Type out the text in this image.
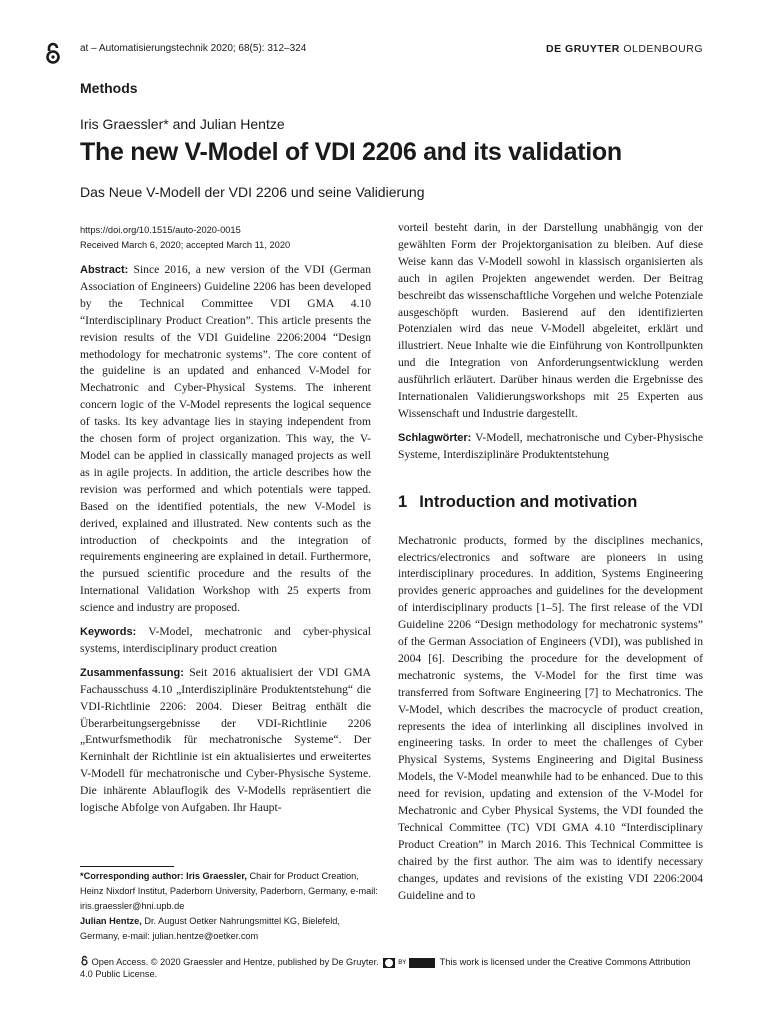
at – Automatisierungstechnik 2020; 68(5): 312–324	DE GRUYTER OLDENBOURG
Methods
Iris Graessler* and Julian Hentze
The new V-Model of VDI 2206 and its validation
Das Neue V-Modell der VDI 2206 und seine Validierung
https://doi.org/10.1515/auto-2020-0015
Received March 6, 2020; accepted March 11, 2020

Abstract: Since 2016, a new version of the VDI (German Association of Engineers) Guideline 2206 has been developed by the Technical Committee VDI GMA 4.10 “Interdisciplinary Product Creation”. This article presents the revision results of the VDI Guideline 2206:2004 “Design methodology for mechatronic systems”. The core content of the guideline is an updated and enhanced V-Model for Mechatronic and Cyber-Physical Systems. The inherent concern logic of the V-Model represents the logical sequence of tasks. Its key advantage lies in staying independent from the chosen form of project organization. This way, the V-Model can be applied in classically managed projects as well as in agile projects. In addition, the article describes how the revision was performed and which potentials were tapped. Based on the identified potentials, the new V-Model is derived, explained and illustrated. New contents such as the introduction of checkpoints and the integration of requirements engineering are explained in detail. Furthermore, the pursued scientific procedure and the results of the International Validation Workshop with 25 experts from science and industry are proposed.

Keywords: V-Model, mechatronic and cyber-physical systems, interdisciplinary product creation

Zusammenfassung: Seit 2016 aktualisiert der VDI GMA Fachausschuss 4.10 „Interdisziplinäre Produktentstehung“ die VDI-Richtlinie 2206: 2004. Dieser Beitrag enthält die Überarbeitungsergebnisse der VDI-Richtlinie 2206 „Entwurfsmethodik für mechatronische Systeme“. Der Kerninhalt der Richtlinie ist ein aktualisiertes und erweitertes V-Modell für mechatronische und Cyber-Physische Systeme. Die inhärente Ablauflogik des V-Modells repräsentiert die logische Abfolge von Aufgaben. Ihr Haupt-

vorteil besteht darin, in der Darstellung unabhängig von der gewählten Form der Projektorganisation zu bleiben. Auf diese Weise kann das V-Modell sowohl in klassisch organisierten als auch in agilen Projekten angewendet werden. Der Beitrag beschreibt das wissenschaftliche Vorgehen und welche Potenziale ausgeschöpft wurden. Basierend auf den identifizierten Potenzialen wird das neue V-Modell abgeleitet, erklärt und illustriert. Neue Inhalte wie die Einführung von Kontrollpunkten und die Integration von Anforderungsentwicklung werden ausführlich erläutert. Darüber hinaus werden die Ergebnisse des Internationalen Validierungsworkshops mit 25 Experten aus Wissenschaft und Industrie dargestellt.

Schlagwörter: V-Modell, mechatronische und Cyber-Physische Systeme, Interdisziplinäre Produktentstehung

1 Introduction and motivation

Mechatronic products, formed by the disciplines mechanics, electrics/electronics and software are pioneers in using interdisciplinary procedures. In addition, Systems Engineering provides generic approaches and guidelines for the development of interdisciplinary products [1–5]. The first release of the VDI Guideline 2206 “Design methodology for mechatronic systems” of the German Association of Engineers (VDI), was published in 2004 [6]. Describing the procedure for the development of mechatronic systems, the V-Model for the first time was transferred from Software Engineering [7] to Mechatronics. The V-Model, which describes the macrocycle of product creation, represents the idea of interlinking all disciplines involved in engineering tasks. In order to meet the challenges of Cyber Physical Systems, Systems Engineering and Digital Business Models, the V-Model meanwhile had to be enhanced. Due to this need for revision, updating and extension of the V-Model for Mechatronic and Cyber Physical Systems, the VDI founded the Technical Committee (TC) VDI GMA 4.10 “Interdisciplinary Product Creation” in March 2016. This Technical Committee is chaired by the first author. The aim was to identify necessary changes, updates and revisions of the existing VDI 2206:2004 Guideline and to

*Corresponding author: Iris Graessler, Chair for Product Creation, Heinz Nixdorf Institut, Paderborn University, Paderborn, Germany, e-mail: iris.graessler@hni.upb.de
Julian Hentze, Dr. August Oetker Nahrungsmittel KG, Bielefeld, Germany, e-mail: julian.hentze@oetker.com
Open Access. © 2020 Graessler and Hentze, published by De Gruyter.	BY	This work is licensed under the Creative Commons Attribution 4.0 Public License.
